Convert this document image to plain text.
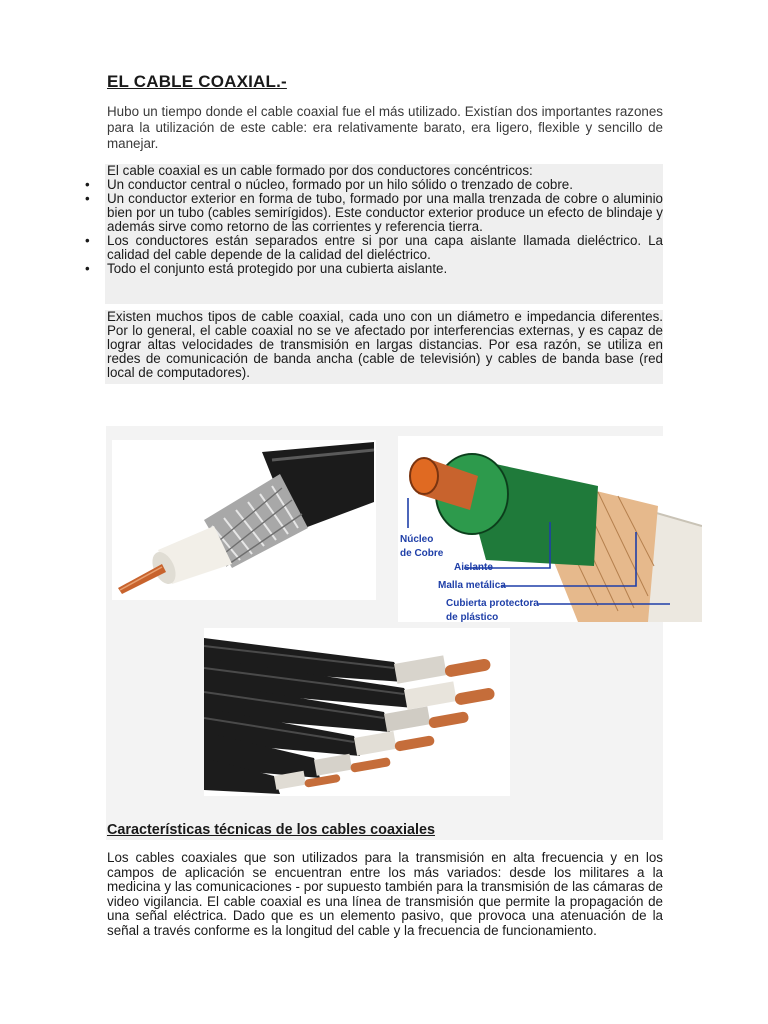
EL CABLE COAXIAL.-
Hubo un tiempo donde el cable coaxial fue el más utilizado. Existían dos importantes razones para la utilización de este cable: era relativamente barato, era ligero, flexible y sencillo de manejar.
El cable coaxial es un cable formado por dos conductores concéntricos:
•	Un conductor central o núcleo, formado por un hilo sólido o trenzado de cobre.
•	Un conductor exterior en forma de tubo, formado por una malla trenzada de cobre o aluminio bien por un tubo (cables semirígidos). Este conductor exterior produce un efecto de blindaje y además sirve como retorno de las corrientes y referencia tierra.
•	Los conductores están separados entre si por una capa aislante llamada dieléctrico. La calidad del cable depende de la calidad del dieléctrico.
•	Todo el conjunto está protegido por una cubierta aislante.

Existen muchos tipos de cable coaxial, cada uno con un diámetro e impedancia diferentes. Por lo general, el cable coaxial no se ve afectado por interferencias externas, y es capaz de lograr altas velocidades de transmisión en largas distancias. Por esa razón, se utiliza en redes de comunicación de banda ancha (cable de televisión) y cables de banda base (red local de computadores).

Núcleo
de Cobre
Aislante
Malla metálica
Cubierta protectora
de plástico
Características técnicas de los cables coaxiales
Los cables coaxiales que son utilizados para la transmisión en alta frecuencia y en los campos de aplicación se encuentran entre los más variados: desde los militares a la medicina y las comunicaciones - por supuesto también para la transmisión de las cámaras de video vigilancia. El cable coaxial es una línea de transmisión que permite la propagación de una señal eléctrica. Dado que es un elemento pasivo, que provoca una atenuación de la señal a través conforme es la longitud del cable y la frecuencia de funcionamiento.
